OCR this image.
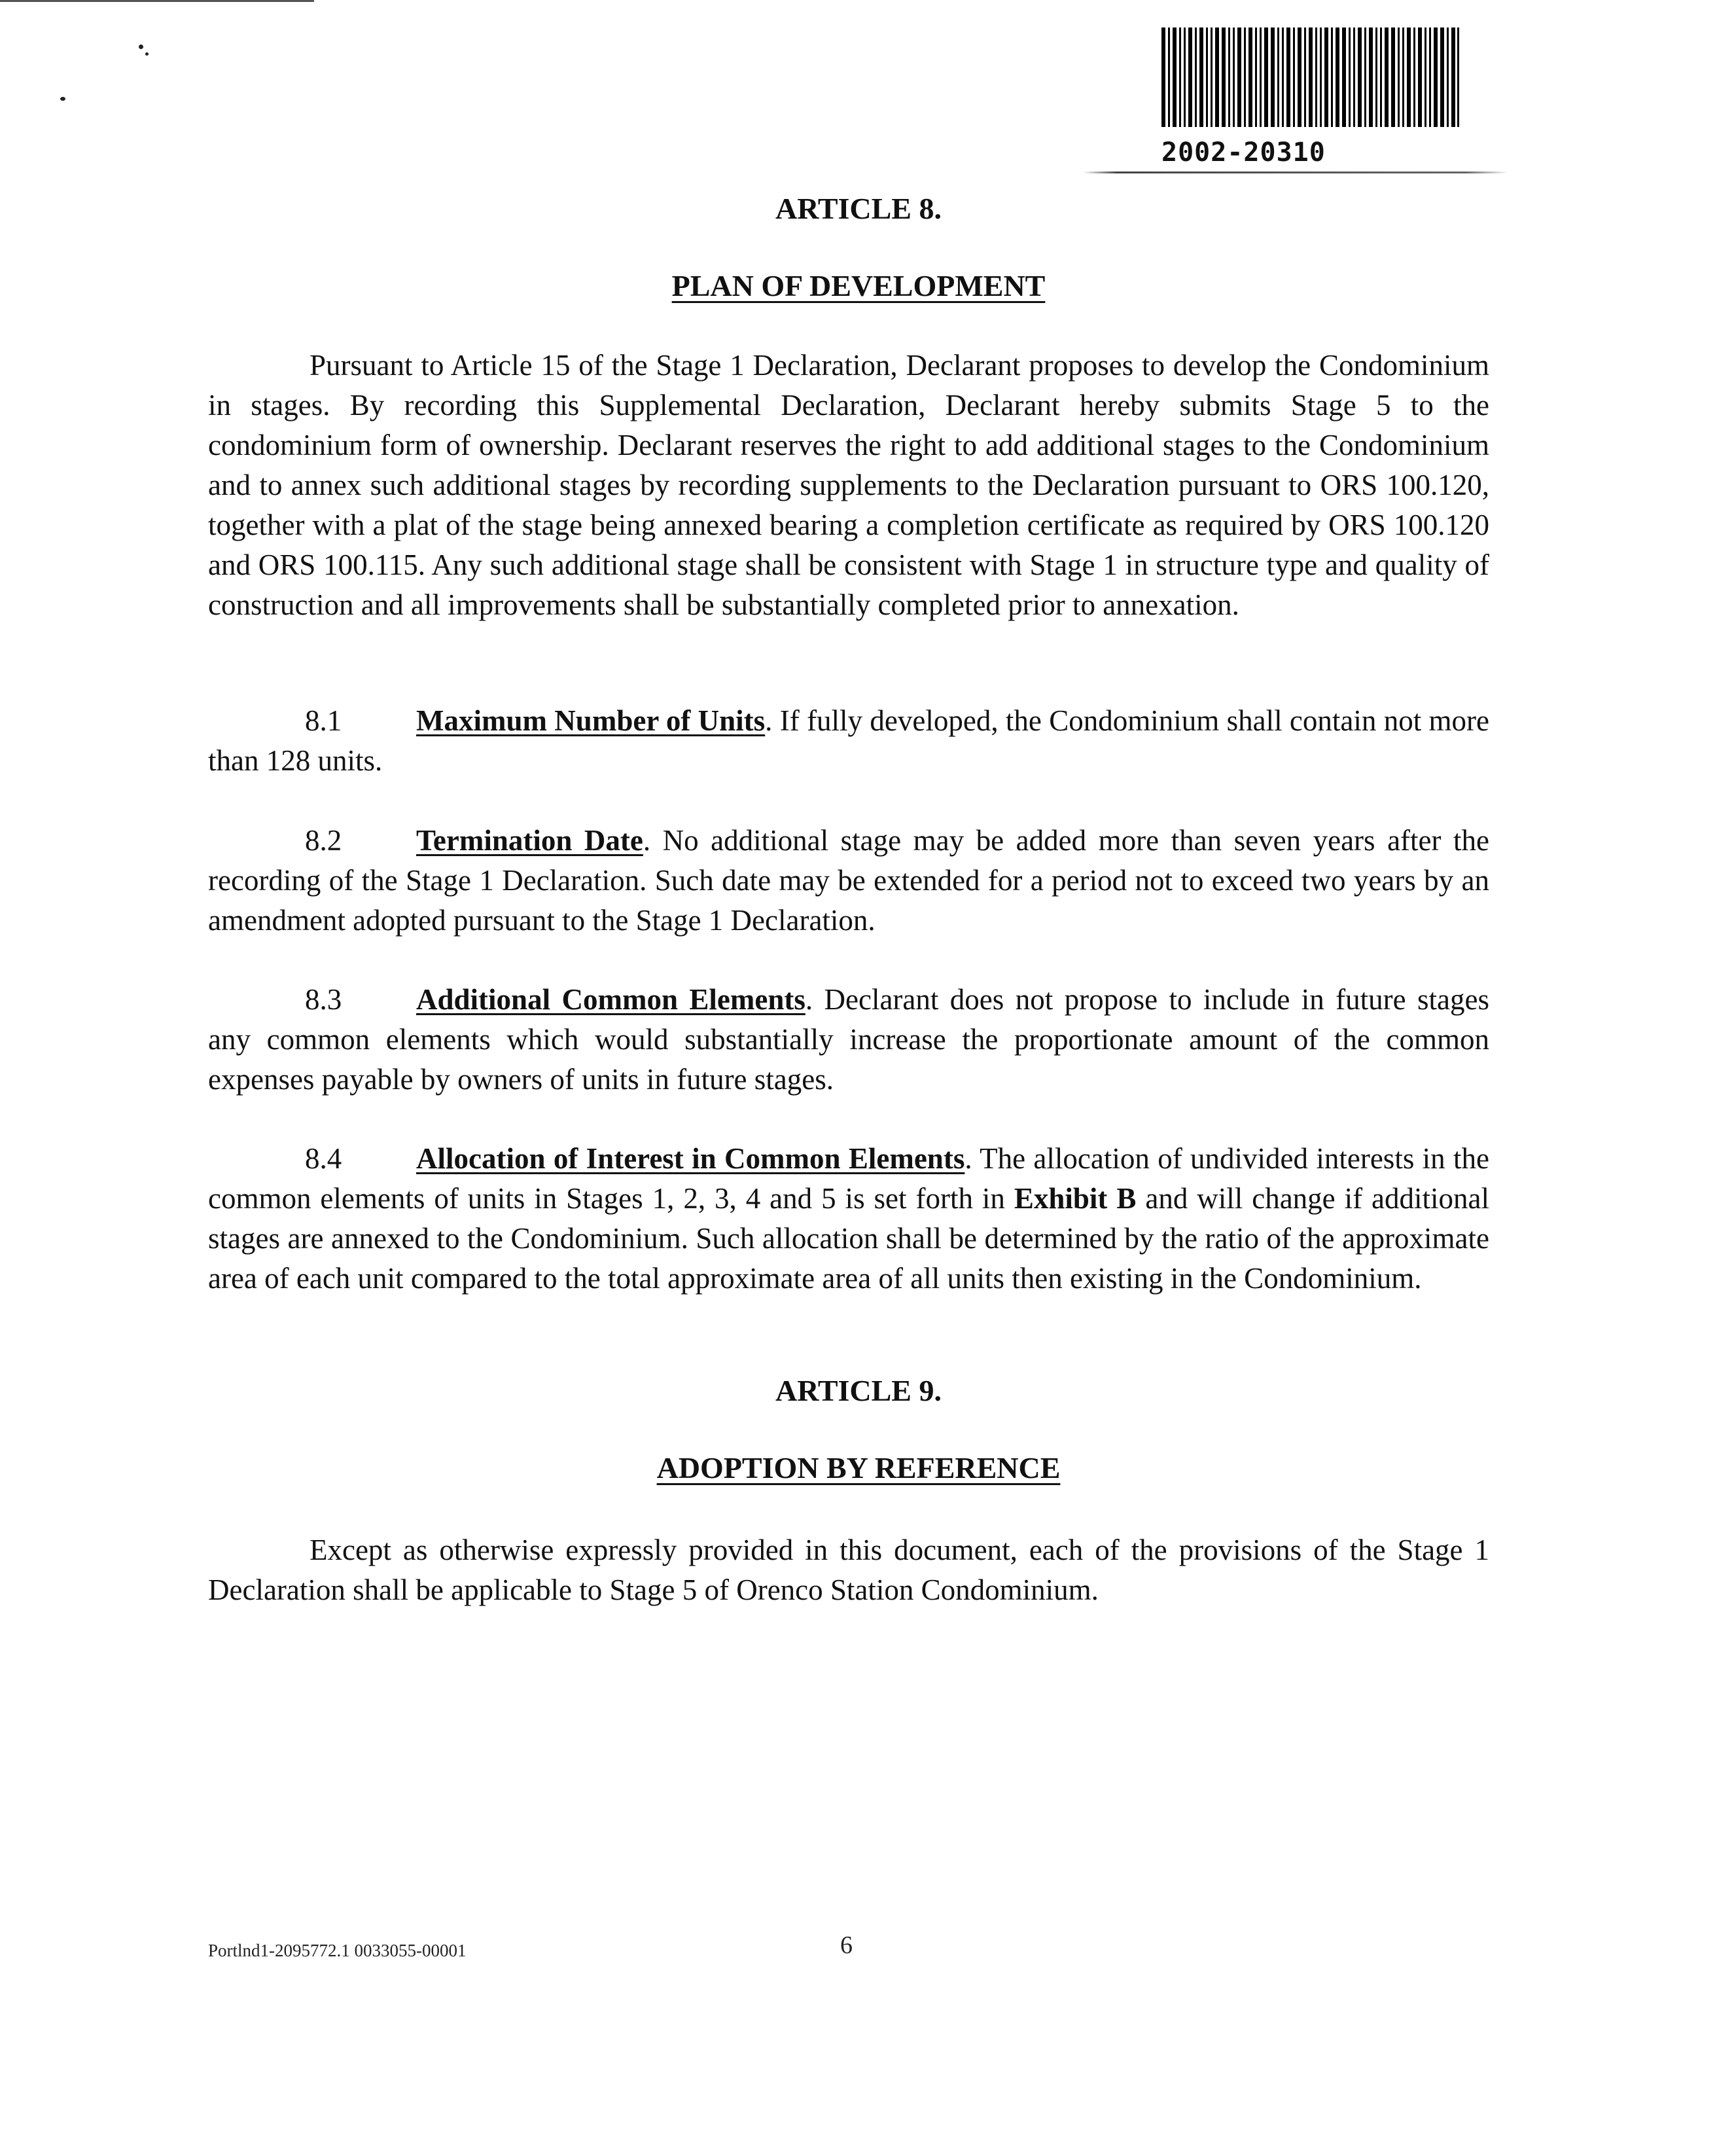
2002-20310
ARTICLE 8.
PLAN OF DEVELOPMENT
Pursuant to Article 15 of the Stage 1 Declaration, Declarant proposes to develop the Condominium in stages. By recording this Supplemental Declaration, Declarant hereby submits Stage 5 to the condominium form of ownership. Declarant reserves the right to add additional stages to the Condominium and to annex such additional stages by recording supplements to the Declaration pursuant to ORS 100.120, together with a plat of the stage being annexed bearing a completion certificate as required by ORS 100.120 and ORS 100.115. Any such additional stage shall be consistent with Stage 1 in structure type and quality of construction and all improvements shall be substantially completed prior to annexation.
8.1	Maximum Number of Units. If fully developed, the Condominium shall contain not more than 128 units.
8.2	Termination Date. No additional stage may be added more than seven years after the recording of the Stage 1 Declaration. Such date may be extended for a period not to exceed two years by an amendment adopted pursuant to the Stage 1 Declaration.
8.3	Additional Common Elements. Declarant does not propose to include in future stages any common elements which would substantially increase the proportionate amount of the common expenses payable by owners of units in future stages.
8.4	Allocation of Interest in Common Elements. The allocation of undivided interests in the common elements of units in Stages 1, 2, 3, 4 and 5 is set forth in Exhibit B and will change if additional stages are annexed to the Condominium. Such allocation shall be determined by the ratio of the approximate area of each unit compared to the total approximate area of all units then existing in the Condominium.
ARTICLE 9.
ADOPTION BY REFERENCE
Except as otherwise expressly provided in this document, each of the provisions of the Stage 1 Declaration shall be applicable to Stage 5 of Orenco Station Condominium.
Portlnd1-2095772.1 0033055-00001	6
